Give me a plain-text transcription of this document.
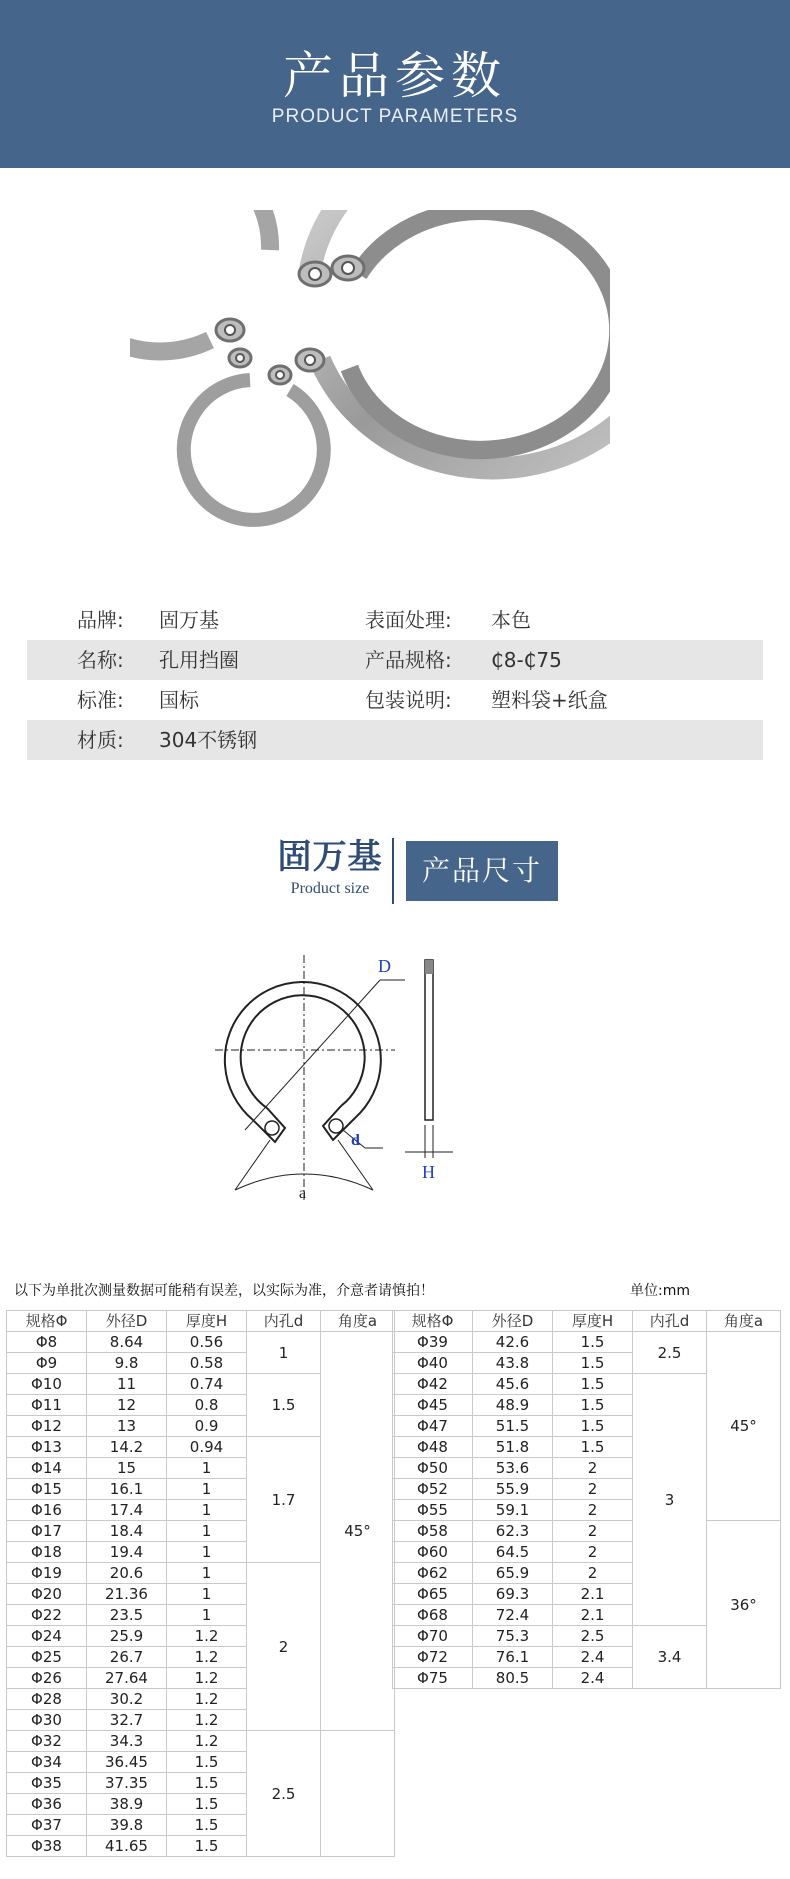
产品参数
PRODUCT PARAMETERS
品牌: 固万基	表面处理: 本色
名称: 孔用挡圈	产品规格: ₵8-₵75
标准: 国标	包装说明: 塑料袋+纸盒
材质: 304不锈钢
固万基
Product size
产品尺寸
D
d
a
H
以下为单批次测量数据可能稍有误差，以实际为准，介意者请慎拍！	单位:mm
规格Φ	外径D	厚度H	内孔d	角度a
Φ8	8.64	0.56	1	45°
Φ9	9.8	0.58		
Φ10	11	0.74	1.5	
Φ11	12	0.8		
Φ12	13	0.9		
Φ13	14.2	0.94	1.7	
Φ14	15	1		
Φ15	16.1	1		
Φ16	17.4	1		
Φ17	18.4	1		
Φ18	19.4	1		
Φ19	20.6	1	2	
Φ20	21.36	1		
Φ22	23.5	1		
Φ24	25.9	1.2		
Φ25	26.7	1.2		
Φ26	27.64	1.2		
Φ28	30.2	1.2		
Φ30	32.7	1.2		
Φ32	34.3	1.2	2.5	
Φ34	36.45	1.5		
Φ35	37.35	1.5		
Φ36	38.9	1.5		
Φ37	39.8	1.5		
Φ38	41.65	1.5		
规格Φ	外径D	厚度H	内孔d	角度a
Φ39	42.6	1.5	2.5	45°
Φ40	43.8	1.5		
Φ42	45.6	1.5	3	
Φ45	48.9	1.5		
Φ47	51.5	1.5		
Φ48	51.8	1.5		
Φ50	53.6	2		
Φ52	55.9	2		
Φ55	59.1	2		
Φ58	62.3	2		36°
Φ60	64.5	2		
Φ62	65.9	2		
Φ65	69.3	2.1		
Φ68	72.4	2.1		
Φ70	75.3	2.5	3.4	
Φ72	76.1	2.4		
Φ75	80.5	2.4		
